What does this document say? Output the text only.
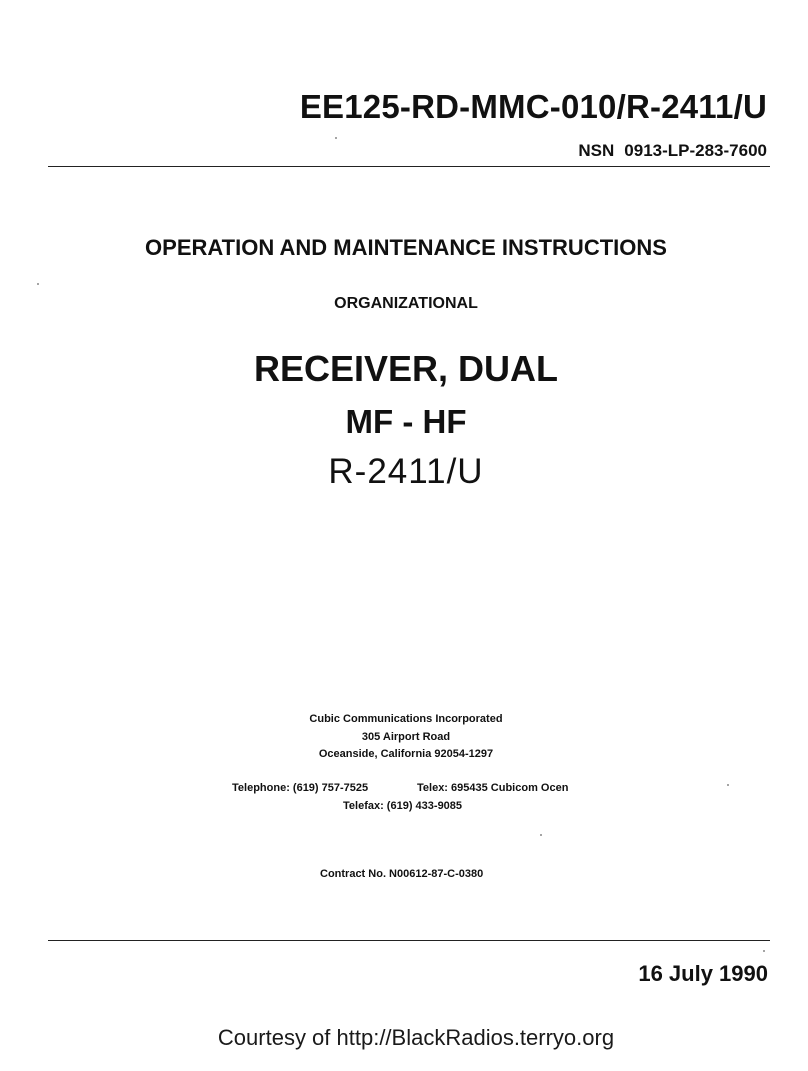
EE125-RD-MMC-010/R-2411/U
NSN 0913-LP-283-7600
OPERATION AND MAINTENANCE INSTRUCTIONS
ORGANIZATIONAL
RECEIVER, DUAL
MF - HF
R-2411/U
Cubic Communications Incorporated
305 Airport Road
Oceanside, California 92054-1297
Telephone: (619) 757-7525	Telex: 695435 Cubicom Ocen
Telefax: (619) 433-9085
Contract No. N00612-87-C-0380
16 July 1990
Courtesy of http://BlackRadios.terryo.org
